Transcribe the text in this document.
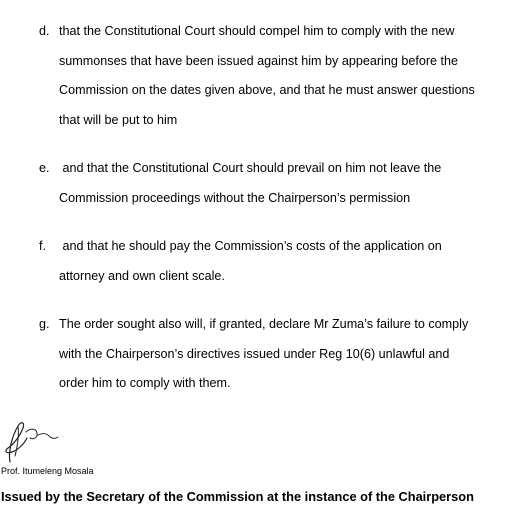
d. that the Constitutional Court should compel him to comply with the new
summonses that have been issued against him by appearing before the
Commission on the dates given above, and that he must answer questions
that will be put to him
e. and that the Constitutional Court should prevail on him not leave the
Commission proceedings without the Chairperson’s permission
f. and that he should pay the Commission’s costs of the application on
attorney and own client scale.
g. The order sought also will, if granted, declare Mr Zuma’s failure to comply
with the Chairperson’s directives issued under Reg 10(6) unlawful and
order him to comply with them.
Prof. Itumeleng Mosala
Issued by the Secretary of the Commission at the instance of the Chairperson
